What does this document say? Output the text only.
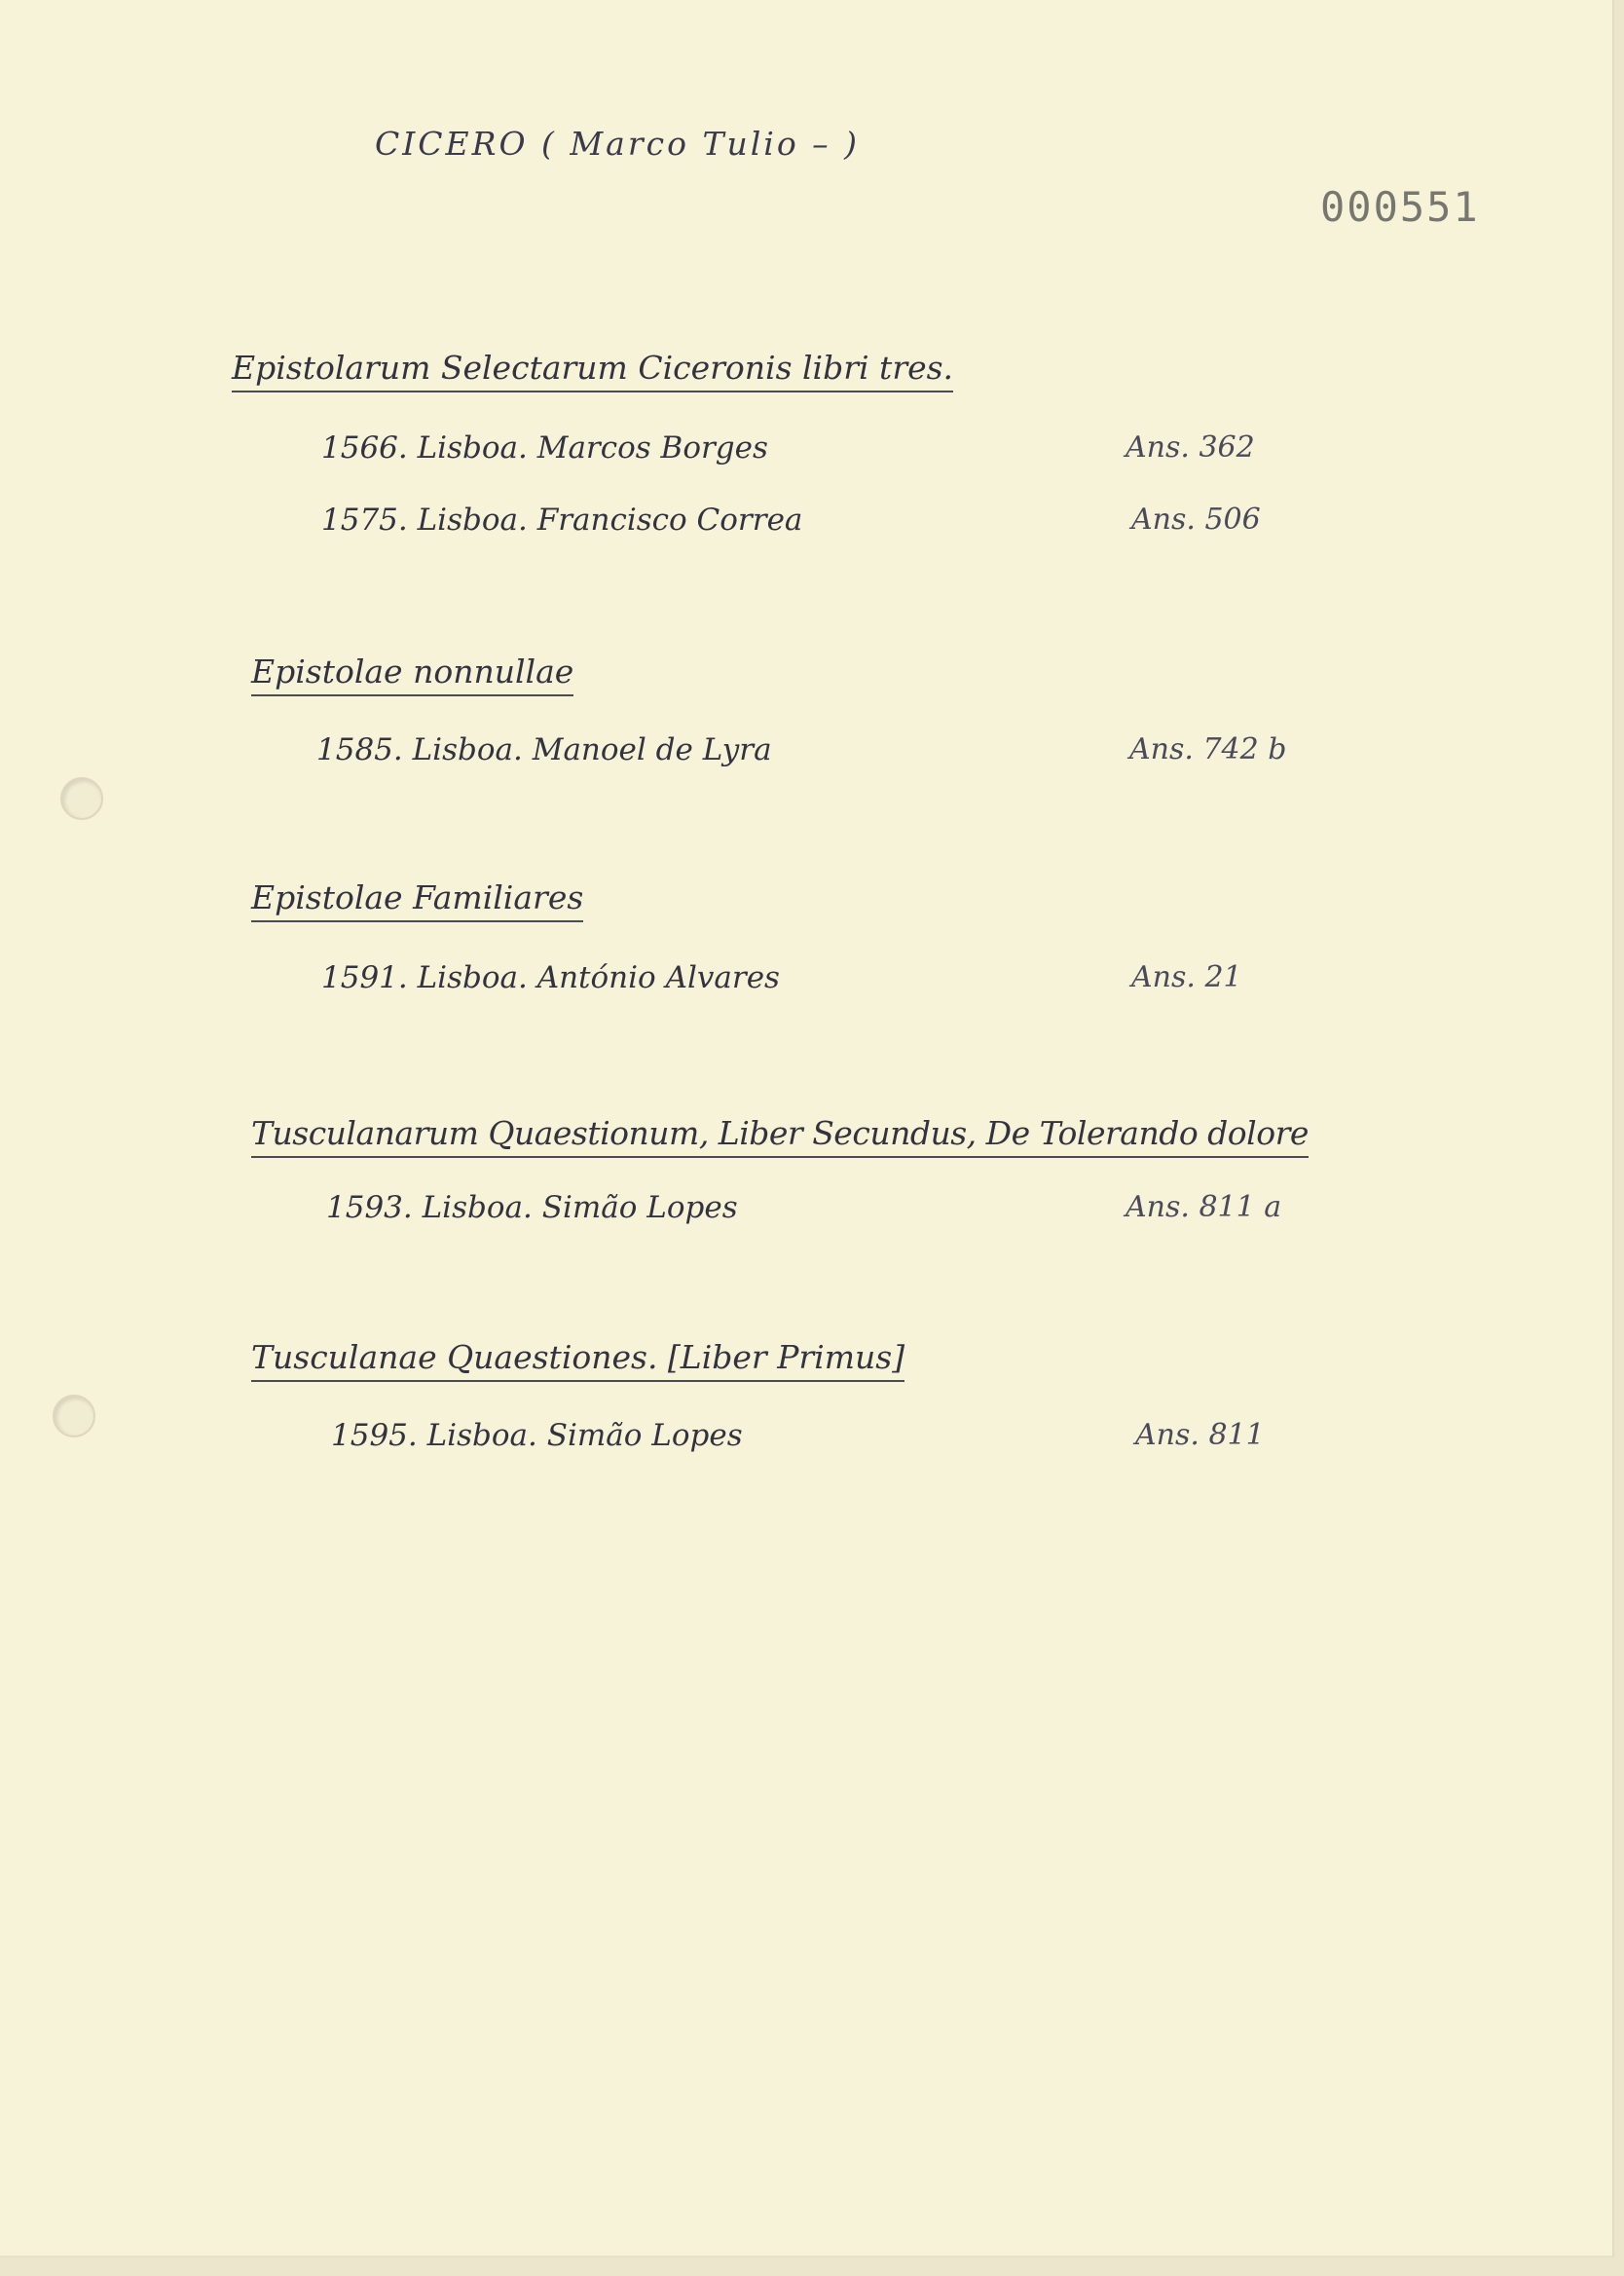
CICERO ( Marco Tulio – )
000551
Epistolarum Selectarum Ciceronis libri tres.
1566. Lisboa. Marcos Borges	Ans. 362
1575. Lisboa. Francisco Correa	Ans. 506
Epistolae nonnullae
1585. Lisboa. Manoel de Lyra	Ans. 742 b
Epistolae Familiares
1591. Lisboa. António Alvares	Ans. 21
Tusculanarum Quaestionum, Liber Secundus, De Tolerando dolore
1593. Lisboa. Simão Lopes	Ans. 811 a
Tusculanae Quaestiones. [Liber Primus]
1595. Lisboa. Simão Lopes	Ans. 811
